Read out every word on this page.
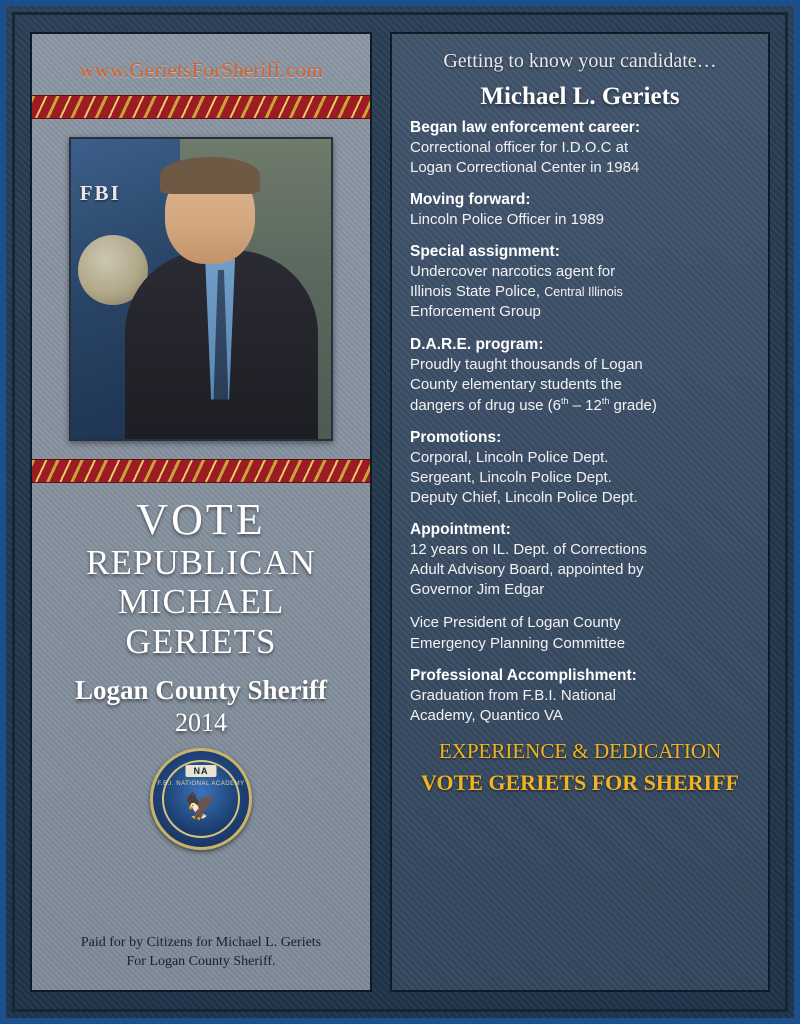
www.GerietsForSheriff.com
FBI
VOTE
REPUBLICAN
MICHAEL
GERIETS
Logan County Sheriff
2014
NA
F.B.I. NATIONAL ACADEMY
🦅
Paid for by Citizens for Michael L. Geriets
For Logan County Sheriff.
Getting to know your candidate…
Michael L. Geriets
Began law enforcement career:
Correctional officer for I.D.O.C at
Logan Correctional Center in 1984
Moving forward:
Lincoln Police Officer in 1989
Special assignment:
Undercover narcotics agent for
Illinois State Police, Central Illinois
Enforcement Group
D.A.R.E. program:
Proudly taught thousands of Logan
County elementary students the
dangers of drug use (6th – 12th grade)
Promotions:
Corporal, Lincoln Police Dept.
Sergeant, Lincoln Police Dept.
Deputy Chief, Lincoln Police Dept.
Appointment:
12 years on IL. Dept. of Corrections
Adult Advisory Board, appointed by
Governor Jim Edgar
Vice President of Logan County
Emergency Planning Committee
Professional Accomplishment:
Graduation from F.B.I. National
Academy, Quantico VA
EXPERIENCE & DEDICATION
VOTE GERIETS FOR SHERIFF
